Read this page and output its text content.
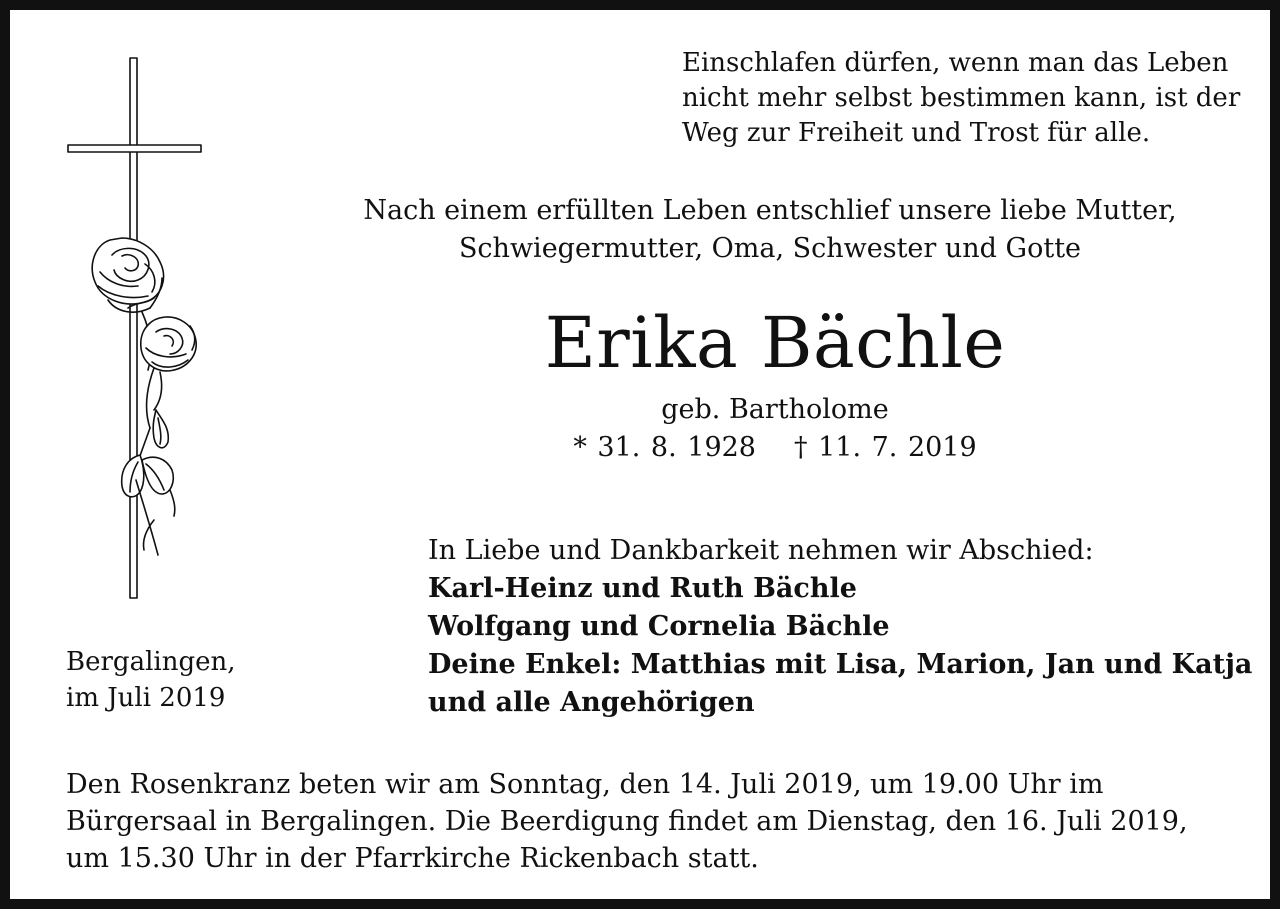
Einschlafen dürfen, wenn man das Leben
nicht mehr selbst bestimmen kann, ist der
Weg zur Freiheit und Trost für alle.
Nach einem erfüllten Leben entschlief unsere liebe Mutter,
Schwiegermutter, Oma, Schwester und Gotte
Erika Bächle
geb. Bartholome
* 31. 8. 1928 † 11. 7. 2019
In Liebe und Dankbarkeit nehmen wir Abschied:
Karl-Heinz und Ruth Bächle
Wolfgang und Cornelia Bächle
Deine Enkel: Matthias mit Lisa, Marion, Jan und Katja
und alle Angehörigen
Bergalingen,
im Juli 2019
Den Rosenkranz beten wir am Sonntag, den 14. Juli 2019, um 19.00 Uhr im
Bürgersaal in Bergalingen. Die Beerdigung findet am Dienstag, den 16. Juli 2019,
um 15.30 Uhr in der Pfarrkirche Rickenbach statt.
